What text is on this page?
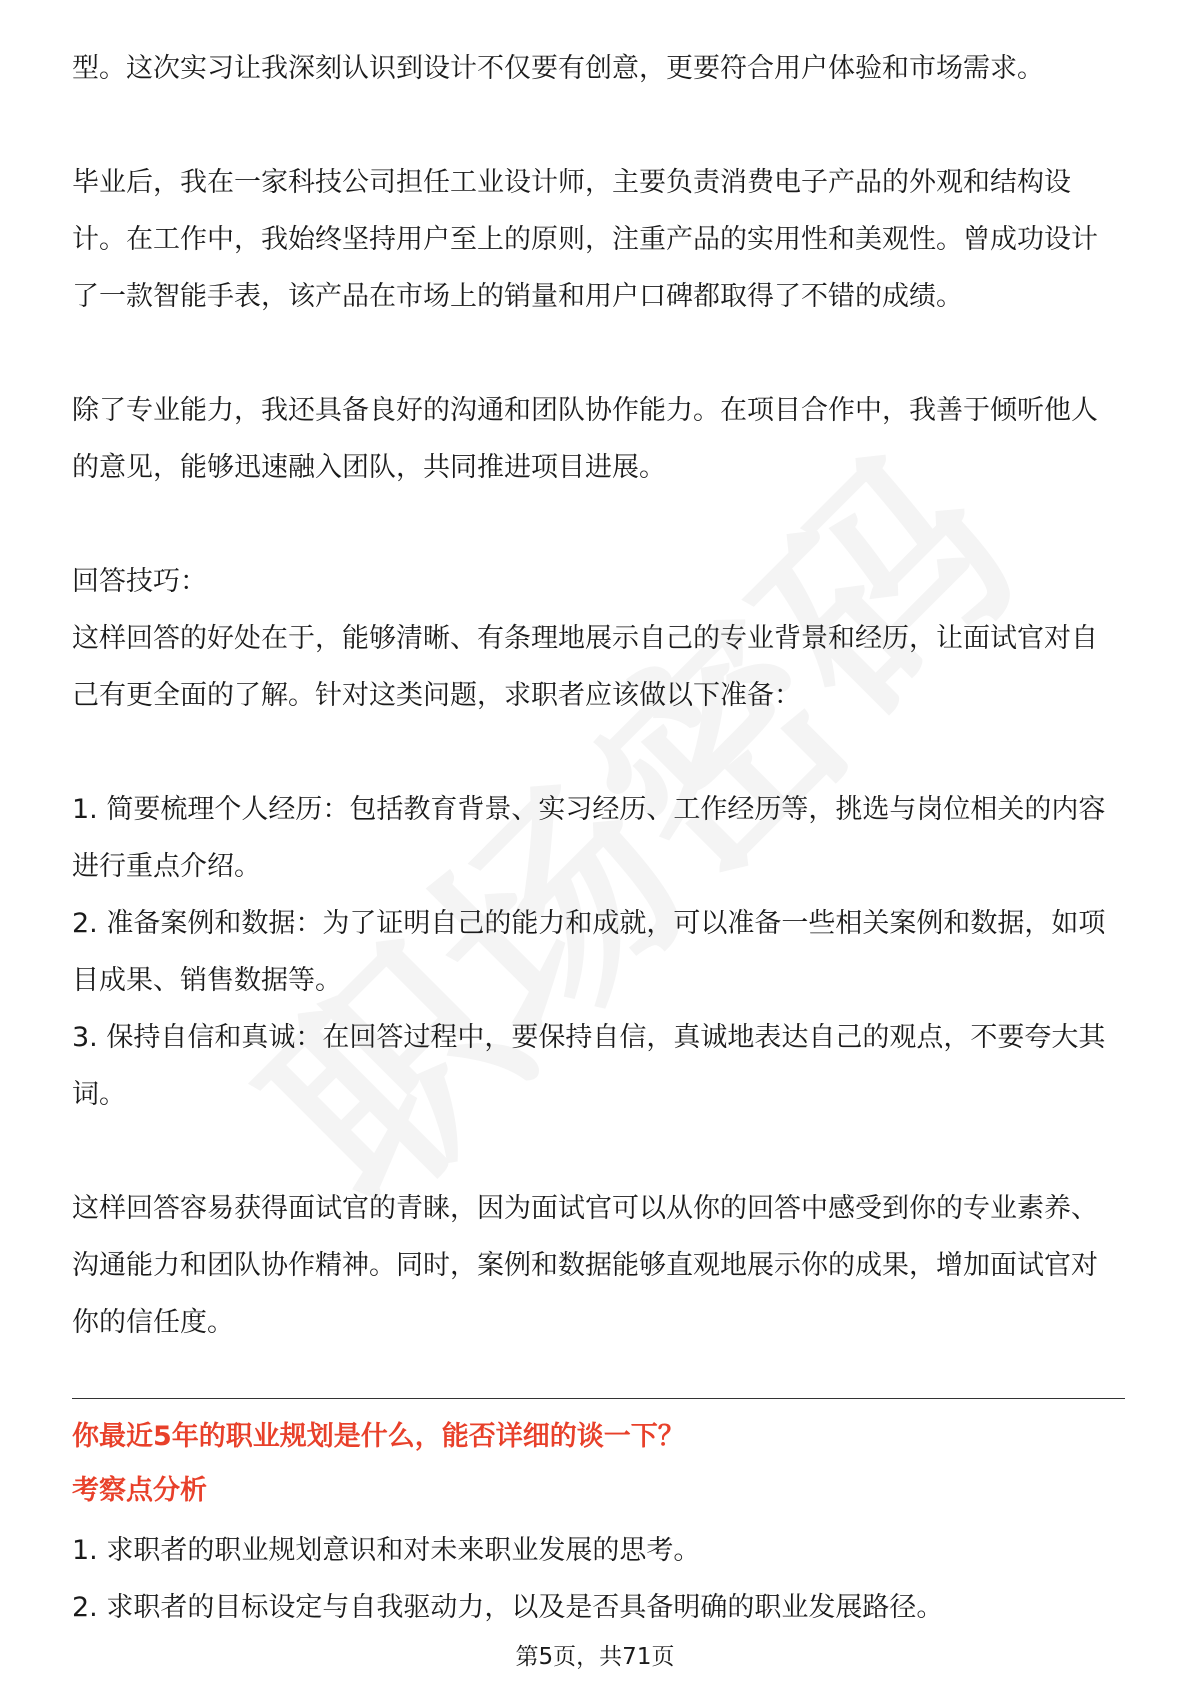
型。这次实习让我深刻认识到设计不仅要有创意，更要符合用户体验和市场需求。

毕业后，我在一家科技公司担任工业设计师，主要负责消费电子产品的外观和结构设计。在工作中，我始终坚持用户至上的原则，注重产品的实用性和美观性。曾成功设计了一款智能手表，该产品在市场上的销量和用户口碑都取得了不错的成绩。

除了专业能力，我还具备良好的沟通和团队协作能力。在项目合作中，我善于倾听他人的意见，能够迅速融入团队，共同推进项目进展。

回答技巧：

这样回答的好处在于，能够清晰、有条理地展示自己的专业背景和经历，让面试官对自己有更全面的了解。针对这类问题，求职者应该做以下准备：

1. 简要梳理个人经历：包括教育背景、实习经历、工作经历等，挑选与岗位相关的内容进行重点介绍。

2. 准备案例和数据：为了证明自己的能力和成就，可以准备一些相关案例和数据，如项目成果、销售数据等。

3. 保持自信和真诚：在回答过程中，要保持自信，真诚地表达自己的观点，不要夸大其词。

这样回答容易获得面试官的青睐，因为面试官可以从你的回答中感受到你的专业素养、沟通能力和团队协作精神。同时，案例和数据能够直观地展示你的成果，增加面试官对你的信任度。

你最近5年的职业规划是什么，能否详细的谈一下？

考察点分析

1. 求职者的职业规划意识和对未来职业发展的思考。

2. 求职者的目标设定与自我驱动力，以及是否具备明确的职业发展路径。

第5页，共71页
